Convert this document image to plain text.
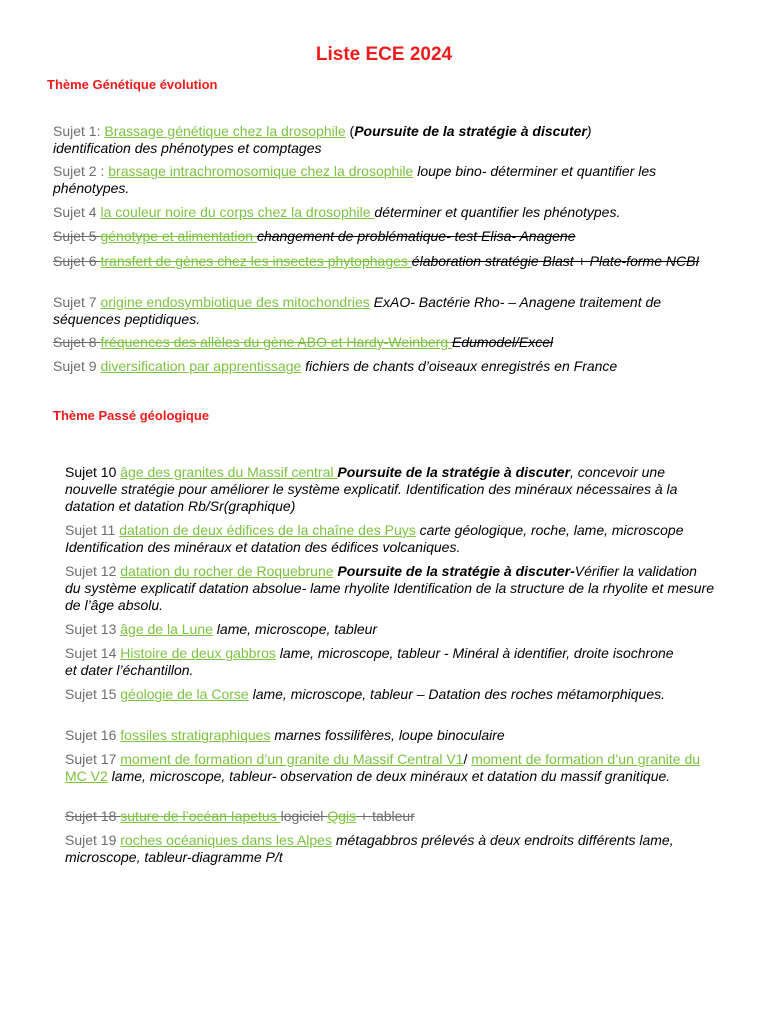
Liste ECE 2024
Thème Génétique évolution
Sujet 1: Brassage génétique chez la drosophile (Poursuite de la stratégie à discuter) identification des phénotypes et comptages
Sujet 2 : brassage intrachromosomique chez la drosophile loupe bino- déterminer et quantifier les phénotypes.
Sujet 4 la couleur noire du corps chez la drosophile déterminer et quantifier les phénotypes.
Sujet 5 génotype et alimentation changement de problématique- test Elisa- Anagene
Sujet 6 transfert de gènes chez les insectes phytophages élaboration stratégie Blast + Plate-forme NCBI
Sujet 7 origine endosymbiotique des mitochondries ExAO- Bactérie Rho- – Anagene traitement de séquences peptidiques.
Sujet 8 fréquences des allèles du gène ABO et Hardy-Weinberg Edumodel/Excel
Sujet 9 diversification par apprentissage fichiers de chants d’oiseaux enregistrés en France
Thème Passé géologique
Sujet 10 âge des granites du Massif central Poursuite de la stratégie à discuter, concevoir une nouvelle stratégie pour améliorer le système explicatif. Identification des minéraux nécessaires à la datation et datation Rb/Sr(graphique)
Sujet 11 datation de deux édifices de la chaîne des Puys carte géologique, roche, lame, microscope Identification des minéraux et datation des édifices volcaniques.
Sujet 12 datation du rocher de Roquebrune Poursuite de la stratégie à discuter-Vérifier la validation du système explicatif datation absolue- lame rhyolite Identification de la structure de la rhyolite et mesure de l’âge absolu.
Sujet 13 âge de la Lune lame, microscope, tableur
Sujet 14 Histoire de deux gabbros lame, microscope, tableur - Minéral à identifier, droite isochrone et dater l’échantillon.
Sujet 15 géologie de la Corse lame, microscope, tableur – Datation des roches métamorphiques.
Sujet 16 fossiles stratigraphiques marnes fossilifères, loupe binoculaire
Sujet 17 moment de formation d’un granite du Massif Central V1/ moment de formation d’un granite du MC V2 lame, microscope, tableur- observation de deux minéraux et datation du massif granitique.
Sujet 18 suture de l’océan Iapetus logiciel Qgis + tableur
Sujet 19 roches océaniques dans les Alpes métagabbros prélevés à deux endroits différents lame, microscope, tableur-diagramme P/t
